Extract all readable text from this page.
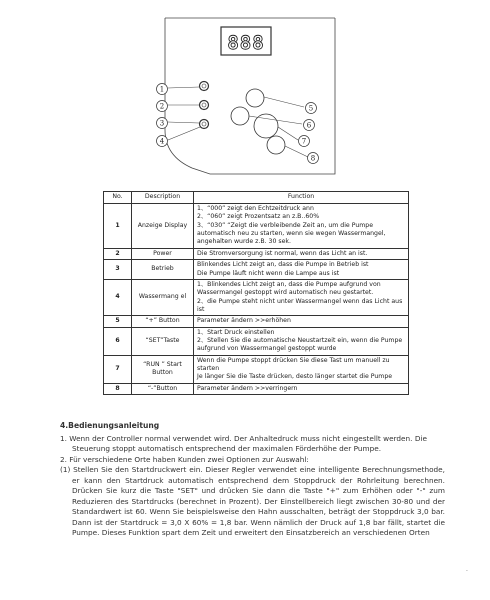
888
1
2
3
4
5
6
7
8
No.	Description	Function
1	Anzeige Display	1、“000” zeigt den Echtzeitdruck ann
2、“060” zeigt Prozentsatz an z.B..60%
3、“030” “Zeigt die verbleibende Zeit an, um die Pumpe automatisch neu zu starten, wenn sie wegen Wassermangel, angehalten wurde z.B. 30 sek.

2	Power	Die Stromversorgung ist normal, wenn das Licht an ist.

3	Betrieb	Blinkendes Licht zeigt an, dass die Pumpe in Betrieb ist
Die Pumpe läuft nicht wenn die Lampe aus ist

4	Wassermang el	1、Blinkendes Licht zeigt an, dass die Pumpe aufgrund von Wassermangel gestoppt wird automatisch neu gestartet.
2、die Pumpe steht nicht unter Wassermangel wenn das Licht aus ist

5	“+” Button	Parameter ändern >>erhöhen

6	“SET”Taste	1、Start Druck einstellen
2、Stellen Sie die automatische Neustartzeit ein, wenn die Pumpe aufgrund von Wassermangel gestoppt wurde

7	“RUN ” Start Button	Wenn die Pumpe stoppt drücken Sie diese Tast um manuell zu starten
Je länger Sie die Taste drücken, desto länger startet die Pumpe

8	“-”Button	Parameter ändern >>verringern
4.Bedienungsanleitung

1. Wenn der Controller normal verwendet wird. Der Anhaltedruck muss nicht eingestellt werden. Die

Steuerung stoppt automatisch entsprechend der maximalen Förderhöhe der Pumpe.

2. Für verschiedene Orte haben Kunden zwei Optionen zur Auswahl:

(1) Stellen Sie den Startdruckwert ein. Dieser Regler verwendet eine intelligente Berechnungsmethode, er kann den Startdruck automatisch entsprechend dem Stoppdruck der Rohrleitung berechnen. Drücken Sie kurz die Taste "SET" und drücken Sie dann die Taste "+" zum Erhöhen oder "-" zum Reduzieren des Startdrucks (berechnet in Prozent). Der Einstellbereich liegt zwischen 30-80 und der Standardwert ist 60. Wenn Sie beispielsweise den Hahn ausschalten, beträgt der Stoppdruck 3,0 bar. Dann ist der Startdruck = 3,0 X 60% = 1,8 bar. Wenn nämlich der Druck auf 1,8 bar fällt, startet die Pumpe. Dieses Funktion spart dem Zeit und erweitert den Einsatzbereich an verschiedenen Orten

.
